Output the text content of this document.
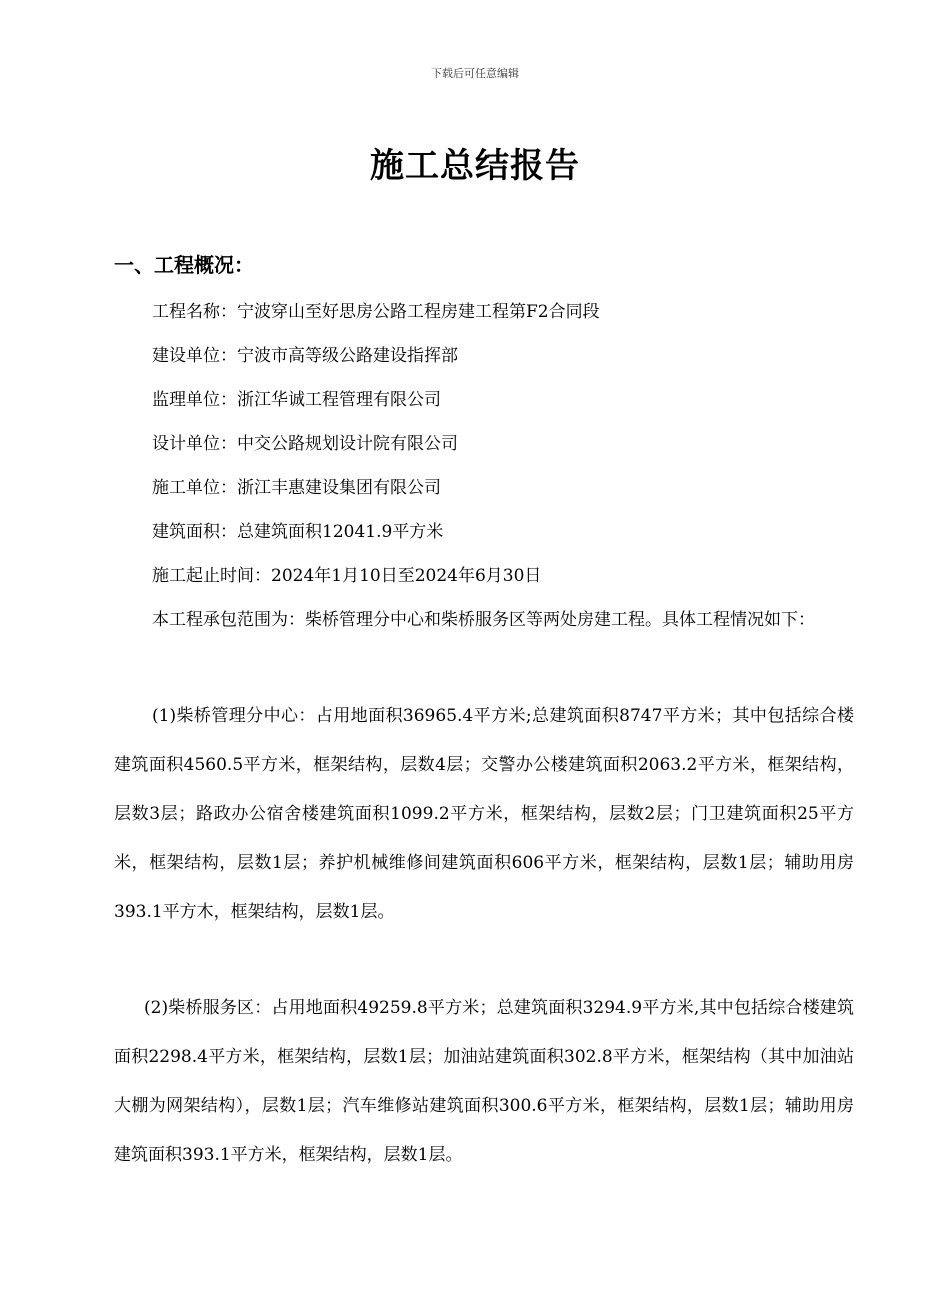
下载后可任意编辑
施工总结报告
一、工程概况：
工程名称：宁波穿山至好思房公路工程房建工程第F2合同段
建设单位：宁波市高等级公路建设指挥部
监理单位：浙江华诚工程管理有限公司
设计单位：中交公路规划设计院有限公司
施工单位：浙江丰惠建设集团有限公司
建筑面积：总建筑面积12041.9平方米
施工起止时间：2024年1月10日至2024年6月30日

本工程承包范围为：柴桥管理分中心和柴桥服务区等两处房建工程。具体工程情况如下：

(1)柴桥管理分中心：占用地面积36965.4平方米;总建筑面积8747平方米；其中包括综合楼建筑面积4560.5平方米，框架结构，层数4层；交警办公楼建筑面积2063.2平方米，框架结构，层数3层；路政办公宿舍楼建筑面积1099.2平方米，框架结构，层数2层；门卫建筑面积25平方米，框架结构，层数1层；养护机械维修间建筑面积606平方米，框架结构，层数1层；辅助用房393.1平方木，框架结构，层数1层。

(2)柴桥服务区：占用地面积49259.8平方米；总建筑面积3294.9平方米,其中包括综合楼建筑面积2298.4平方米，框架结构，层数1层；加油站建筑面积302.8平方米，框架结构（其中加油站大棚为网架结构），层数1层；汽车维修站建筑面积300.6平方米，框架结构，层数1层；辅助用房建筑面积393.1平方米，框架结构，层数1层。
